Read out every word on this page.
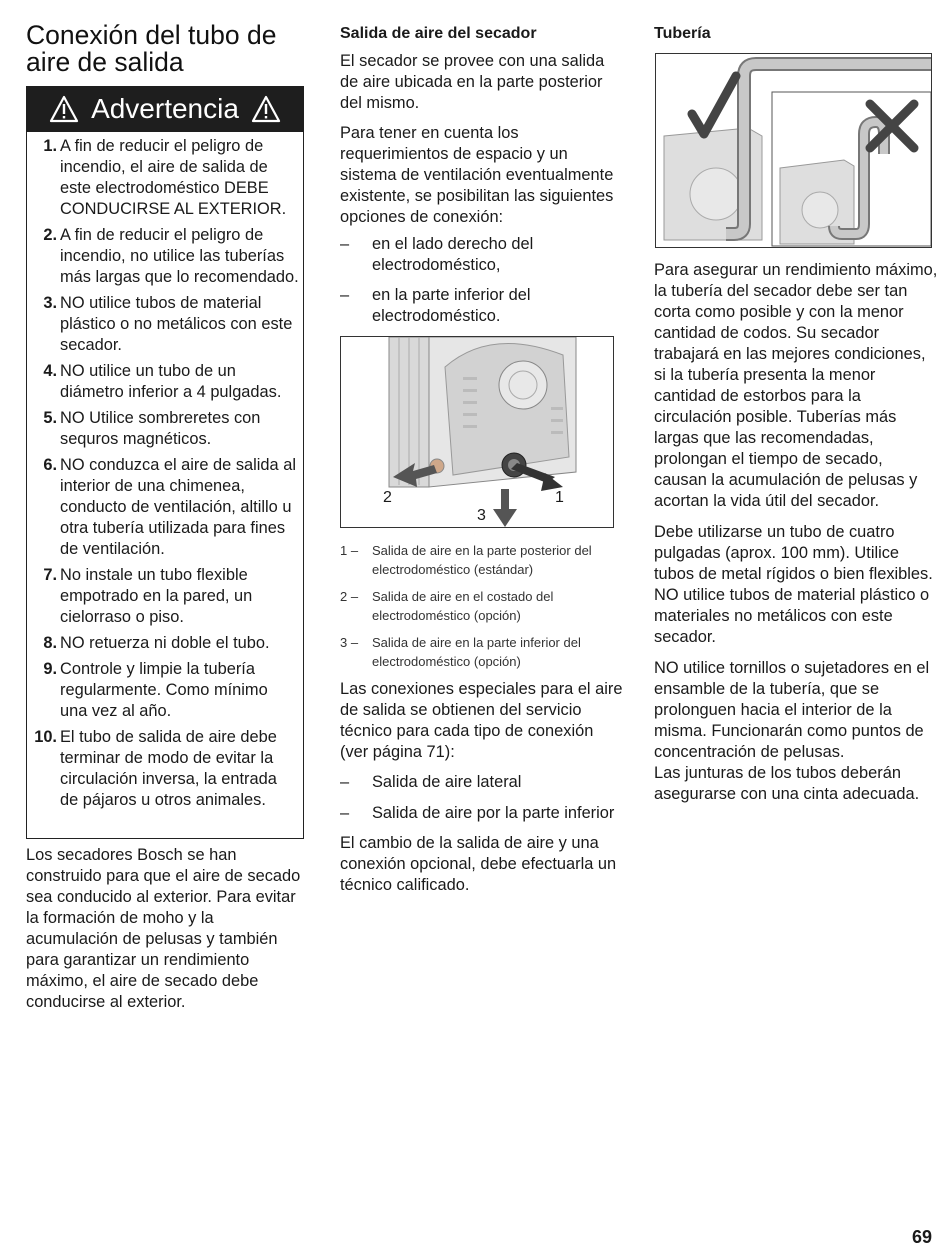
Conexión del tubo de
aire de salida
Advertencia
1. A fin de reducir el peligro de incendio, el aire de salida de este electrodoméstico DEBE CONDUCIRSE AL EXTERIOR.
2. A fin de reducir el peligro de incendio, no utilice las tuberías más largas que lo recomendado.
3. NO utilice tubos de material plástico o no metálicos con este secador.
4. NO utilice un tubo de un diámetro inferior a 4 pulgadas.
5. NO Utilice sombreretes con sequros magnéticos.
6. NO conduzca el aire de salida al interior de una chimenea, conducto de ventilación, altillo u otra tubería utilizada para fines de ventilación.
7. No instale un tubo flexible empotrado en la pared, un cielorraso o piso.
8. NO retuerza ni doble el tubo.
9. Controle y limpie la tubería regularmente. Como mínimo una vez al año.
10. El tubo de salida de aire debe terminar de modo de evitar la circulación inversa, la entrada de pájaros u otros animales.

Los secadores Bosch se han construido para que el aire de secado sea conducido al exterior. Para evitar la formación de moho y la acumulación de pelusas y también para garantizar un rendimiento máximo, el aire de secado debe conducirse al exterior.

Salida de aire del secador

El secador se provee con una salida de aire ubicada en la parte posterior del mismo.

Para tener en cuenta los requerimientos de espacio y un sistema de ventilación eventualmente existente, se posibilitan las siguientes opciones de conexión:

– en el lado derecho del electrodoméstico,
– en la parte inferior del electrodoméstico.
2	1
3
1 – Salida de aire en la parte posterior del electrodoméstico (estándar)
2 – Salida de aire en el costado del electrodoméstico (opción)
3 – Salida de aire en la parte inferior del electrodoméstico (opción)

Las conexiones especiales para el aire de salida se obtienen del servicio técnico para cada tipo de conexión (ver página 71):

– Salida de aire lateral
– Salida de aire por la parte inferior

El cambio de la salida de aire y una conexión opcional, debe efectuarla un técnico calificado.

Tubería

Para asegurar un rendimiento máximo, la tubería del secador debe ser tan corta como posible y con la menor cantidad de codos. Su secador trabajará en las mejores condiciones, si la tubería presenta la menor cantidad de estorbos para la circulación posible. Tuberías más largas que las recomendadas, prolongan el tiempo de secado, causan la acumulación de pelusas y acortan la vida útil del secador.

Debe utilizarse un tubo de cuatro pulgadas (aprox. 100 mm). Utilice tubos de metal rígidos o bien flexibles. NO utilice tubos de material plástico o materiales no metálicos con este secador.

NO utilice tornillos o sujetadores en el ensamble de la tubería, que se prolonguen hacia el interior de la misma. Funcionarán como puntos de concentración de pelusas.

Las junturas de los tubos deberán asegurarse con una cinta adecuada.

69
